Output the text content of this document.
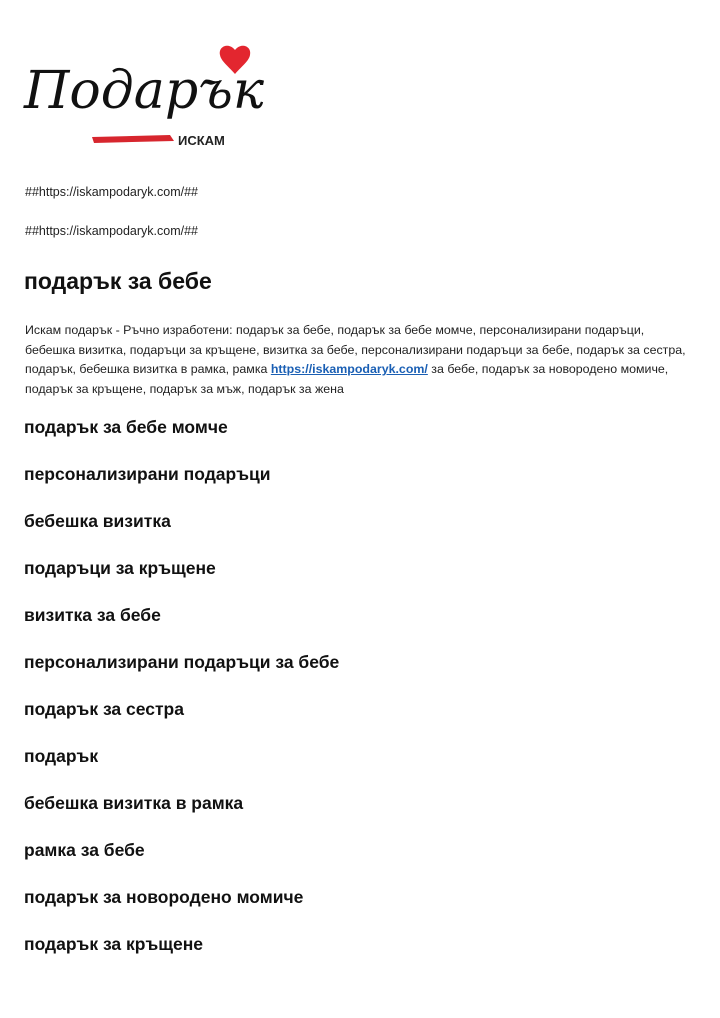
Подарък
ИСКАМ

##https://iskampodaryk.com/##

##https://iskampodaryk.com/##

подарък за бебе

Искам подарък - Ръчно изработени: подарък за бебе, подарък за бебе момче, персонализирани подаръци, бебешка визитка, подаръци за кръщене, визитка за бебе, персонализирани подаръци за бебе, подарък за сестра, подарък, бебешка визитка в рамка, рамка https://iskampodaryk.com/ за бебе, подарък за новородено момиче, подарък за кръщене, подарък за мъж, подарък за жена

подарък за бебе момче
персонализирани подаръци
бебешка визитка
подаръци за кръщене
визитка за бебе
персонализирани подаръци за бебе
подарък за сестра
подарък
бебешка визитка в рамка
рамка за бебе
подарък за новородено момиче
подарък за кръщене
